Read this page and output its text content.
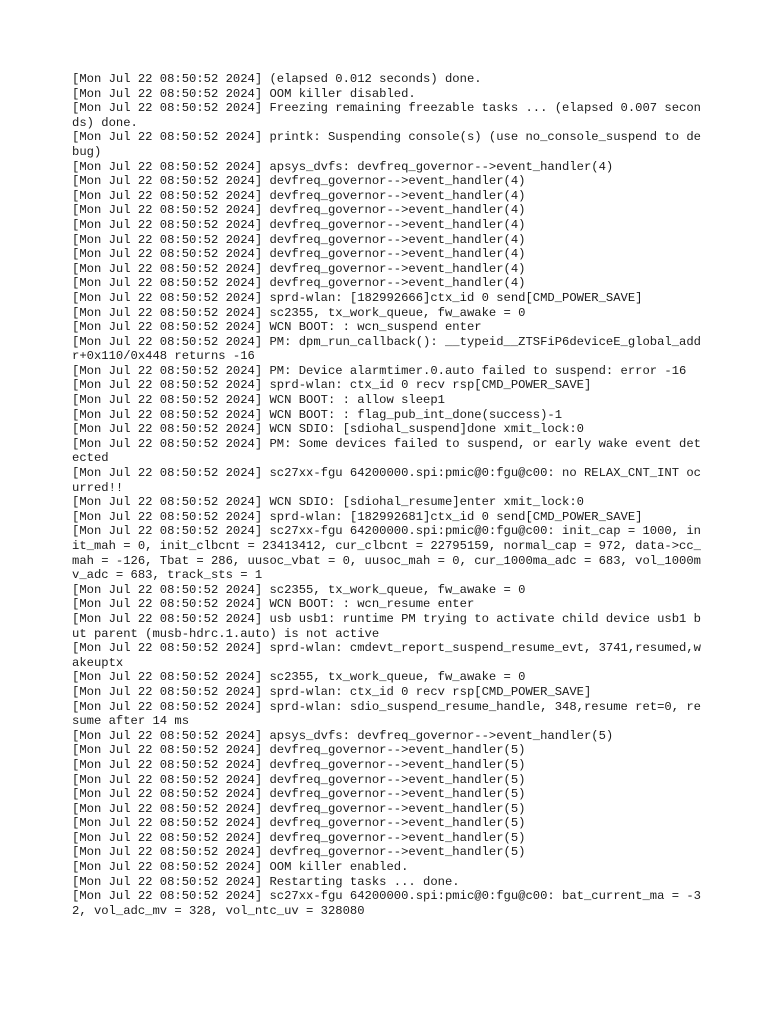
[Mon Jul 22 08:50:52 2024] (elapsed 0.012 seconds) done.
[Mon Jul 22 08:50:52 2024] OOM killer disabled.
[Mon Jul 22 08:50:52 2024] Freezing remaining freezable tasks ... (elapsed 0.007 seconds) done.
[Mon Jul 22 08:50:52 2024] printk: Suspending console(s) (use no_console_suspend to debug)
[Mon Jul 22 08:50:52 2024] apsys_dvfs: devfreq_governor-->event_handler(4)
[Mon Jul 22 08:50:52 2024] devfreq_governor-->event_handler(4)
[Mon Jul 22 08:50:52 2024] devfreq_governor-->event_handler(4)
[Mon Jul 22 08:50:52 2024] devfreq_governor-->event_handler(4)
[Mon Jul 22 08:50:52 2024] devfreq_governor-->event_handler(4)
[Mon Jul 22 08:50:52 2024] devfreq_governor-->event_handler(4)
[Mon Jul 22 08:50:52 2024] devfreq_governor-->event_handler(4)
[Mon Jul 22 08:50:52 2024] devfreq_governor-->event_handler(4)
[Mon Jul 22 08:50:52 2024] devfreq_governor-->event_handler(4)
[Mon Jul 22 08:50:52 2024] sprd-wlan: [182992666]ctx_id 0 send[CMD_POWER_SAVE]
[Mon Jul 22 08:50:52 2024] sc2355, tx_work_queue, fw_awake = 0
[Mon Jul 22 08:50:52 2024] WCN BOOT: : wcn_suspend enter
[Mon Jul 22 08:50:52 2024] PM: dpm_run_callback(): __typeid__ZTSFiP6deviceE_global_addr+0x110/0x448 returns -16
[Mon Jul 22 08:50:52 2024] PM: Device alarmtimer.0.auto failed to suspend: error -16
[Mon Jul 22 08:50:52 2024] sprd-wlan: ctx_id 0 recv rsp[CMD_POWER_SAVE]
[Mon Jul 22 08:50:52 2024] WCN BOOT: : allow sleep1
[Mon Jul 22 08:50:52 2024] WCN BOOT: : flag_pub_int_done(success)-1
[Mon Jul 22 08:50:52 2024] WCN SDIO: [sdiohal_suspend]done xmit_lock:0
[Mon Jul 22 08:50:52 2024] PM: Some devices failed to suspend, or early wake event detected
[Mon Jul 22 08:50:52 2024] sc27xx-fgu 64200000.spi:pmic@0:fgu@c00: no RELAX_CNT_INT ocurred!!
[Mon Jul 22 08:50:52 2024] WCN SDIO: [sdiohal_resume]enter xmit_lock:0
[Mon Jul 22 08:50:52 2024] sprd-wlan: [182992681]ctx_id 0 send[CMD_POWER_SAVE]
[Mon Jul 22 08:50:52 2024] sc27xx-fgu 64200000.spi:pmic@0:fgu@c00: init_cap = 1000, init_mah = 0, init_clbcnt = 23413412, cur_clbcnt = 22795159, normal_cap = 972, data->cc_mah = -126, Tbat = 286, uusoc_vbat = 0, uusoc_mah = 0, cur_1000ma_adc = 683, vol_1000mv_adc = 683, track_sts = 1
[Mon Jul 22 08:50:52 2024] sc2355, tx_work_queue, fw_awake = 0
[Mon Jul 22 08:50:52 2024] WCN BOOT: : wcn_resume enter
[Mon Jul 22 08:50:52 2024] usb usb1: runtime PM trying to activate child device usb1 but parent (musb-hdrc.1.auto) is not active
[Mon Jul 22 08:50:52 2024] sprd-wlan: cmdevt_report_suspend_resume_evt, 3741,resumed,wakeuptx
[Mon Jul 22 08:50:52 2024] sc2355, tx_work_queue, fw_awake = 0
[Mon Jul 22 08:50:52 2024] sprd-wlan: ctx_id 0 recv rsp[CMD_POWER_SAVE]
[Mon Jul 22 08:50:52 2024] sprd-wlan: sdio_suspend_resume_handle, 348,resume ret=0, resume after 14 ms
[Mon Jul 22 08:50:52 2024] apsys_dvfs: devfreq_governor-->event_handler(5)
[Mon Jul 22 08:50:52 2024] devfreq_governor-->event_handler(5)
[Mon Jul 22 08:50:52 2024] devfreq_governor-->event_handler(5)
[Mon Jul 22 08:50:52 2024] devfreq_governor-->event_handler(5)
[Mon Jul 22 08:50:52 2024] devfreq_governor-->event_handler(5)
[Mon Jul 22 08:50:52 2024] devfreq_governor-->event_handler(5)
[Mon Jul 22 08:50:52 2024] devfreq_governor-->event_handler(5)
[Mon Jul 22 08:50:52 2024] devfreq_governor-->event_handler(5)
[Mon Jul 22 08:50:52 2024] devfreq_governor-->event_handler(5)
[Mon Jul 22 08:50:52 2024] OOM killer enabled.
[Mon Jul 22 08:50:52 2024] Restarting tasks ... done.
[Mon Jul 22 08:50:52 2024] sc27xx-fgu 64200000.spi:pmic@0:fgu@c00: bat_current_ma = -32, vol_adc_mv = 328, vol_ntc_uv = 328080
